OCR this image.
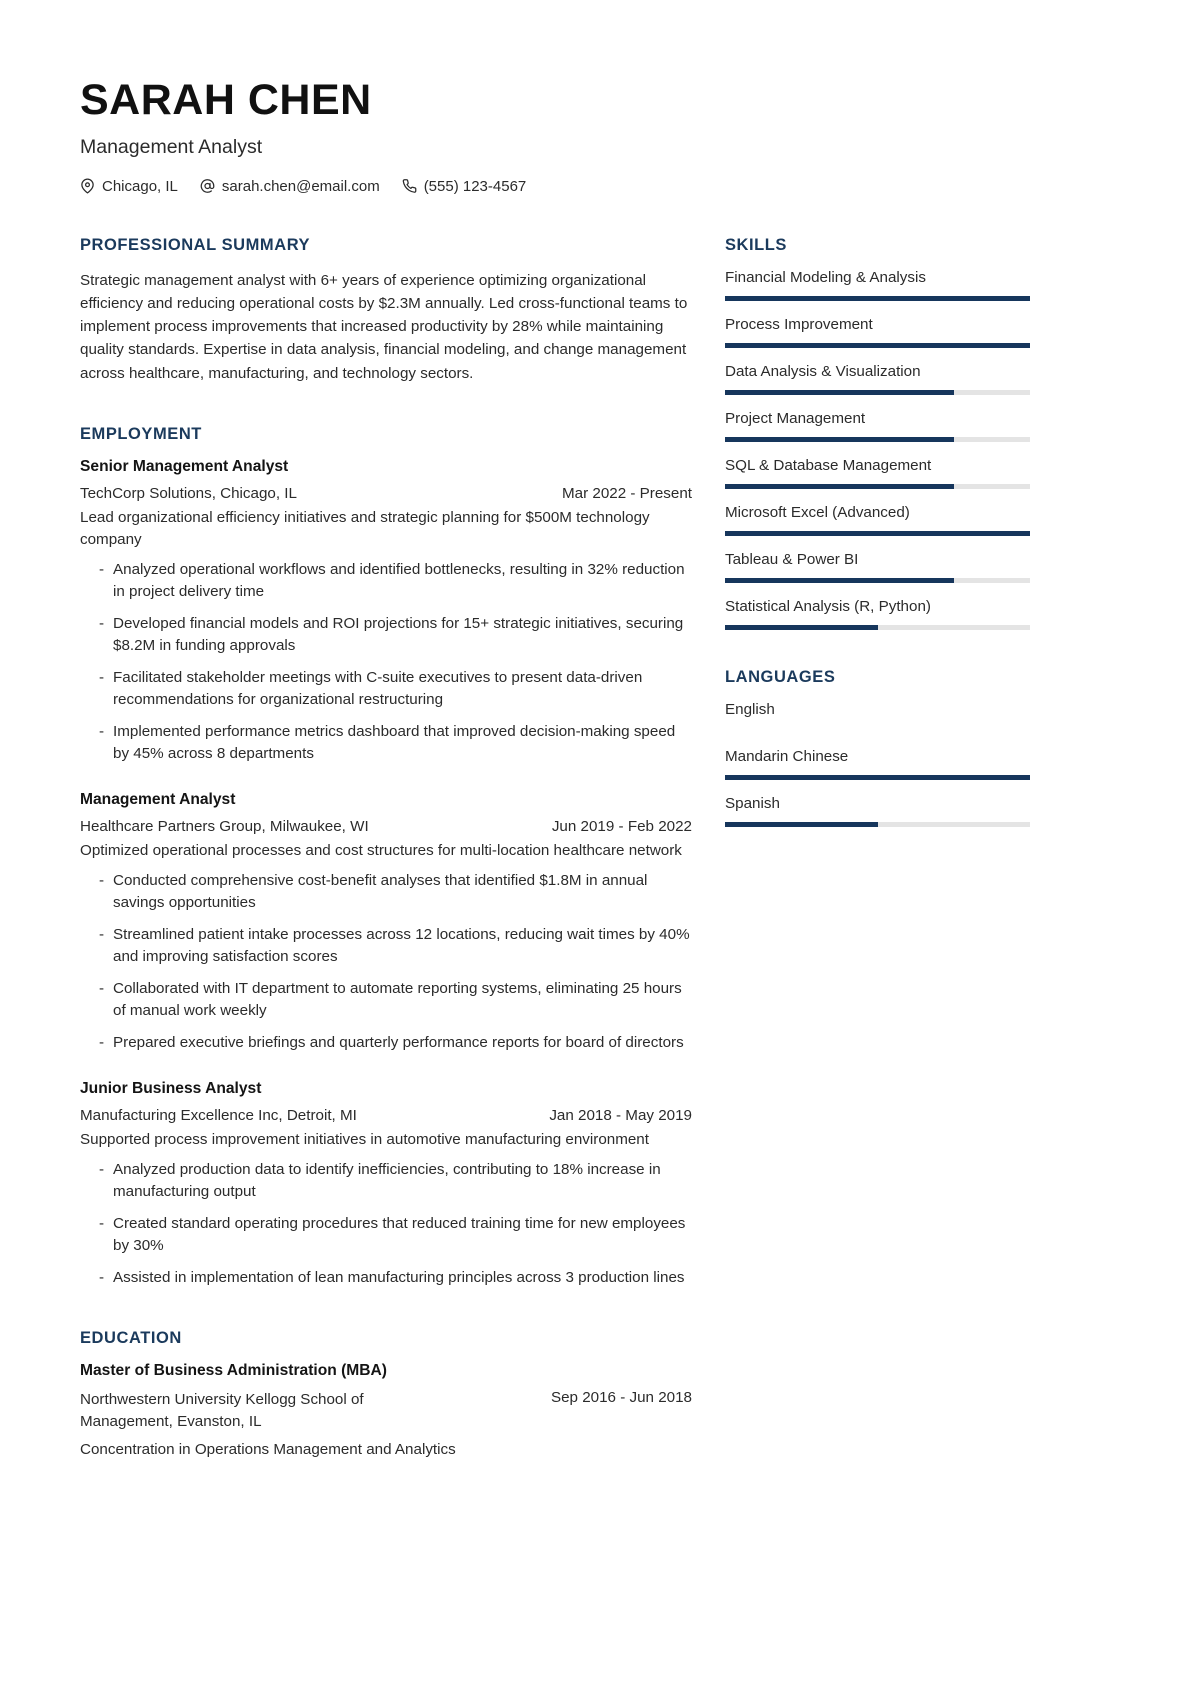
SARAH CHEN
Management Analyst
Chicago, IL	sarah.chen@email.com	(555) 123-4567
PROFESSIONAL SUMMARY

Strategic management analyst with 6+ years of experience optimizing organizational efficiency and reducing operational costs by $2.3M annually. Led cross-functional teams to implement process improvements that increased productivity by 28% while maintaining quality standards. Expertise in data analysis, financial modeling, and change management across healthcare, manufacturing, and technology sectors.

EMPLOYMENT
Senior Management Analyst
TechCorp Solutions, Chicago, IL	Mar 2022 - Present
Lead organizational efficiency initiatives and strategic planning for $500M technology company
- Analyzed operational workflows and identified bottlenecks, resulting in 32% reduction in project delivery time
- Developed financial models and ROI projections for 15+ strategic initiatives, securing $8.2M in funding approvals
- Facilitated stakeholder meetings with C-suite executives to present data-driven recommendations for organizational restructuring
- Implemented performance metrics dashboard that improved decision-making speed by 45% across 8 departments
Management Analyst
Healthcare Partners Group, Milwaukee, WI	Jun 2019 - Feb 2022
Optimized operational processes and cost structures for multi-location healthcare network
- Conducted comprehensive cost-benefit analyses that identified $1.8M in annual savings opportunities
- Streamlined patient intake processes across 12 locations, reducing wait times by 40% and improving satisfaction scores
- Collaborated with IT department to automate reporting systems, eliminating 25 hours of manual work weekly
- Prepared executive briefings and quarterly performance reports for board of directors
Junior Business Analyst
Manufacturing Excellence Inc, Detroit, MI	Jan 2018 - May 2019
Supported process improvement initiatives in automotive manufacturing environment
- Analyzed production data to identify inefficiencies, contributing to 18% increase in manufacturing output
- Created standard operating procedures that reduced training time for new employees by 30%
- Assisted in implementation of lean manufacturing principles across 3 production lines
EDUCATION
Master of Business Administration (MBA)
Northwestern University Kellogg School of Management, Evanston, IL
Sep 2016 - Jun 2018
Concentration in Operations Management and Analytics
SKILLS
Financial Modeling & Analysis
Process Improvement
Data Analysis & Visualization
Project Management
SQL & Database Management
Microsoft Excel (Advanced)
Tableau & Power BI
Statistical Analysis (R, Python)
LANGUAGES
English
Mandarin Chinese
Spanish
